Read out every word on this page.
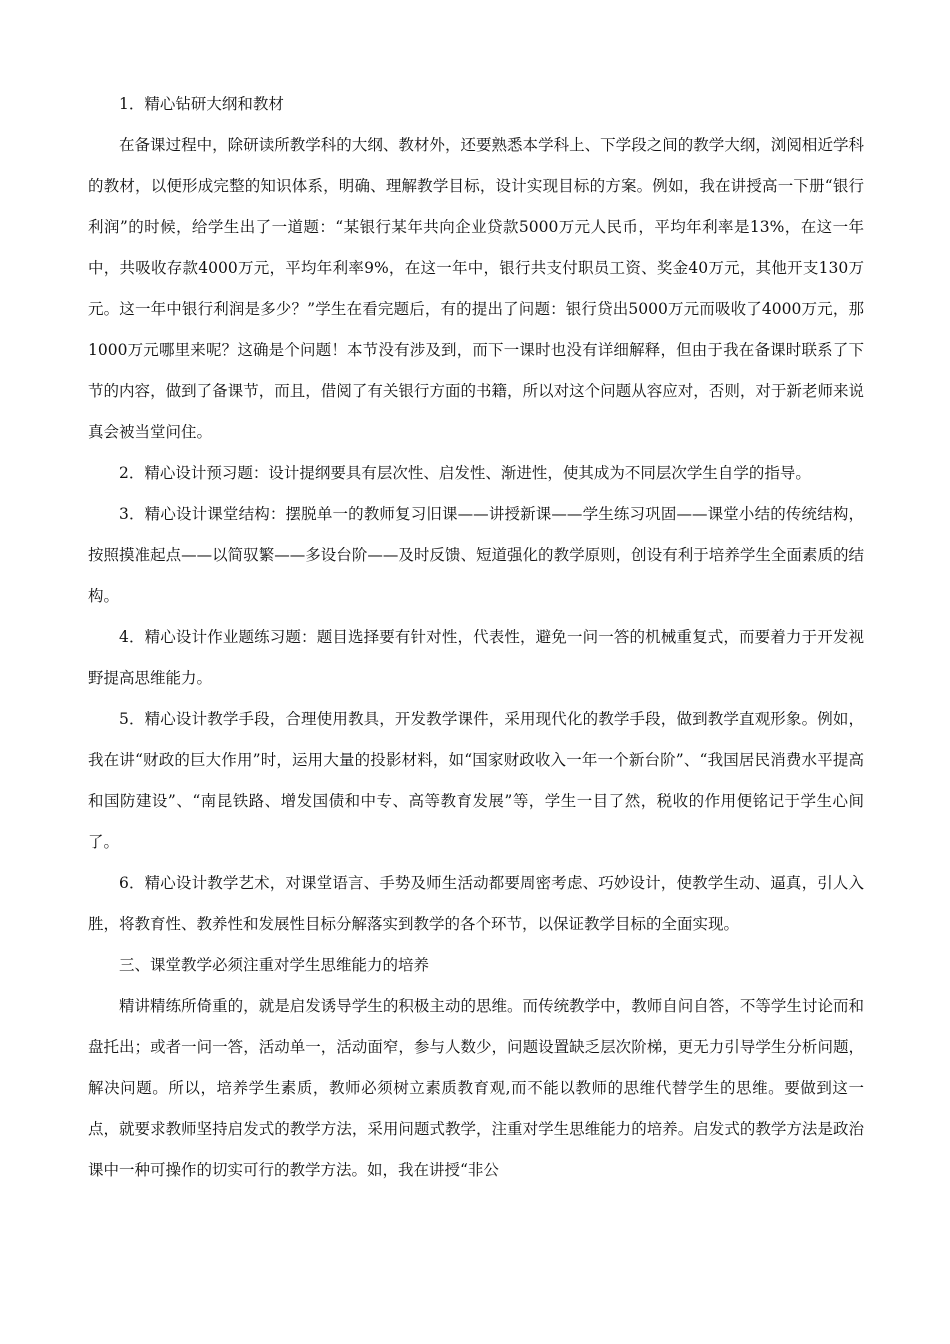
1．精心钻研大纲和教材

在备课过程中，除研读所教学科的大纲、教材外，还要熟悉本学科上、下学段之间的教学大纲，浏阅相近学科的教材，以便形成完整的知识体系，明确、理解教学目标，设计实现目标的方案。例如，我在讲授高一下册“银行利润”的时候，给学生出了一道题：“某银行某年共向企业贷款5000万元人民币，平均年利率是13%，在这一年中，共吸收存款4000万元，平均年利率9%，在这一年中，银行共支付职员工资、奖金40万元，其他开支130万元。这一年中银行利润是多少？”学生在看完题后，有的提出了问题：银行贷出5000万元而吸收了4000万元，那1000万元哪里来呢？这确是个问题！本节没有涉及到，而下一课时也没有详细解释，但由于我在备课时联系了下节的内容，做到了备课节，而且，借阅了有关银行方面的书籍，所以对这个问题从容应对，否则，对于新老师来说真会被当堂问住。

2．精心设计预习题：设计提纲要具有层次性、启发性、渐进性，使其成为不同层次学生自学的指导。

3．精心设计课堂结构：摆脱单一的教师复习旧课——讲授新课——学生练习巩固——课堂小结的传统结构，按照摸准起点——以简驭繁——多设台阶——及时反馈、短道强化的教学原则，创设有利于培养学生全面素质的结构。

4．精心设计作业题练习题：题目选择要有针对性，代表性，避免一问一答的机械重复式，而要着力于开发视野提高思维能力。

5．精心设计教学手段，合理使用教具，开发教学课件，采用现代化的教学手段，做到教学直观形象。例如，我在讲“财政的巨大作用”时，运用大量的投影材料，如“国家财政收入一年一个新台阶”、“我国居民消费水平提高和国防建设”、“南昆铁路、增发国债和中专、高等教育发展”等，学生一目了然，税收的作用便铭记于学生心间了。

6．精心设计教学艺术，对课堂语言、手势及师生活动都要周密考虑、巧妙设计，使教学生动、逼真，引人入胜，将教育性、教养性和发展性目标分解落实到教学的各个环节，以保证教学目标的全面实现。

三、课堂教学必须注重对学生思维能力的培养

精讲精练所倚重的，就是启发诱导学生的积极主动的思维。而传统教学中，教师自问自答，不等学生讨论而和盘托出；或者一问一答，活动单一，活动面窄，参与人数少，问题设置缺乏层次阶梯，更无力引导学生分析问题，解决问题。所以，培养学生素质，教师必须树立素质教育观,而不能以教师的思维代替学生的思维。要做到这一点，就要求教师坚持启发式的教学方法，采用问题式教学，注重对学生思维能力的培养。启发式的教学方法是政治课中一种可操作的切实可行的教学方法。如，我在讲授“非公
